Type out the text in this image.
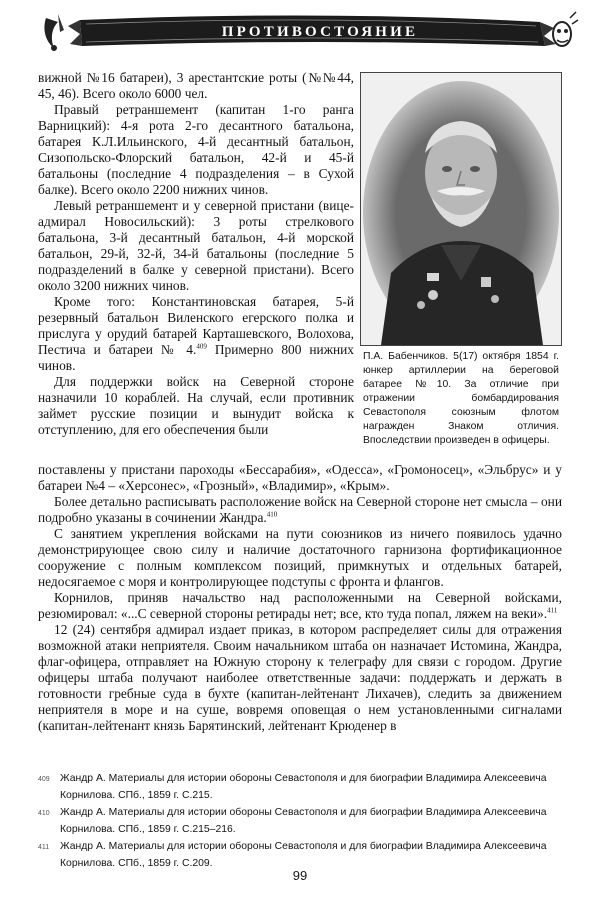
ПРОТИВОСТОЯНИЕ

вижной №16 батареи), 3 арестантские роты (№№44, 45, 46). Всего около 6000 чел.

Правый ретраншемент (капитан 1-го ранга Варницкий): 4-я рота 2-го десантного батальона, батарея К.Л.Ильинского, 4-й десантный батальон, Сизопольско-Флорский батальон, 42-й и 45-й батальоны (последние 4 подразделения – в Сухой балке). Всего около 2200 нижних чинов.

Левый ретраншемент и у северной пристани (вице-адмирал Новосильский): 3 роты стрелкового батальона, 3-й десантный батальон, 4-й морской батальон, 29-й, 32-й, 34-й батальоны (последние 5 подразделений в балке у северной пристани). Всего около 3200 нижних чинов.

Кроме того: Константиновская батарея, 5-й резервный батальон Виленского егерского полка и прислуга у орудий батарей Карташевского, Волохова, Пестича и батареи № 4.$^{409}$ Примерно 800 нижних чинов.

Для поддержки войск на Северной стороне назначили 10 кораблей. На случай, если противник займет русские позиции и вынудит войска к отступлению, для его обеспечения были

П.А. Бабенчиков. 5(17) октября 1854 г. юнкер артиллерии на береговой батарее №10. За отличие при отражении бомбардирования Севастополя союзным флотом награжден Знаком отличия. Впоследствии произведен в офицеры.

поставлены у пристани пароходы «Бессарабия», «Одесса», «Громоносец», «Эльбрус» и у батареи №4 – «Херсонес», «Грозный», «Владимир», «Крым».

Более детально расписывать расположение войск на Северной стороне нет смысла – они подробно указаны в сочинении Жандра.$^{410}$

С занятием укрепления войсками на пути союзников из ничего появилось удачно демонстрирующее свою силу и наличие достаточного гарнизона фортификационное сооружение с полным комплексом позиций, примкнутых и отдельных батарей, недосягаемое с моря и контролирующее подступы с фронта и флангов.

Корнилов, приняв начальство над расположенными на Северной войсками, резюмировал: «...С северной стороны ретирады нет; все, кто туда попал, ляжем на веки».$^{411}$

12 (24) сентября адмирал издает приказ, в котором распределяет силы для отражения возможной атаки неприятеля. Своим начальником штаба он назначает Истомина, Жандра, флаг-офицера, отправляет на Южную сторону к телеграфу для связи с городом. Другие офицеры штаба получают наиболее ответственные задачи: поддержать и держать в готовности гребные суда в бухте (капитан-лейтенант Лихачев), следить за движением неприятеля в море и на суше, вовремя оповещая о нем установленными сигналами (капитан-лейтенант князь Барятинский, лейтенант Крюденер в

409 Жандр А. Материалы для истории обороны Севастополя и для биографии Владимира Алексеевича Корнилова. СПб., 1859 г. С.215.
410 Жандр А. Материалы для истории обороны Севастополя и для биографии Владимира Алексеевича Корнилова. СПб., 1859 г. С.215–216.
411	Жандр А. Материалы для истории обороны Севастополя и для биографии Владимира Алексеевича Корнилова. СПб., 1859 г. С.209.
99
